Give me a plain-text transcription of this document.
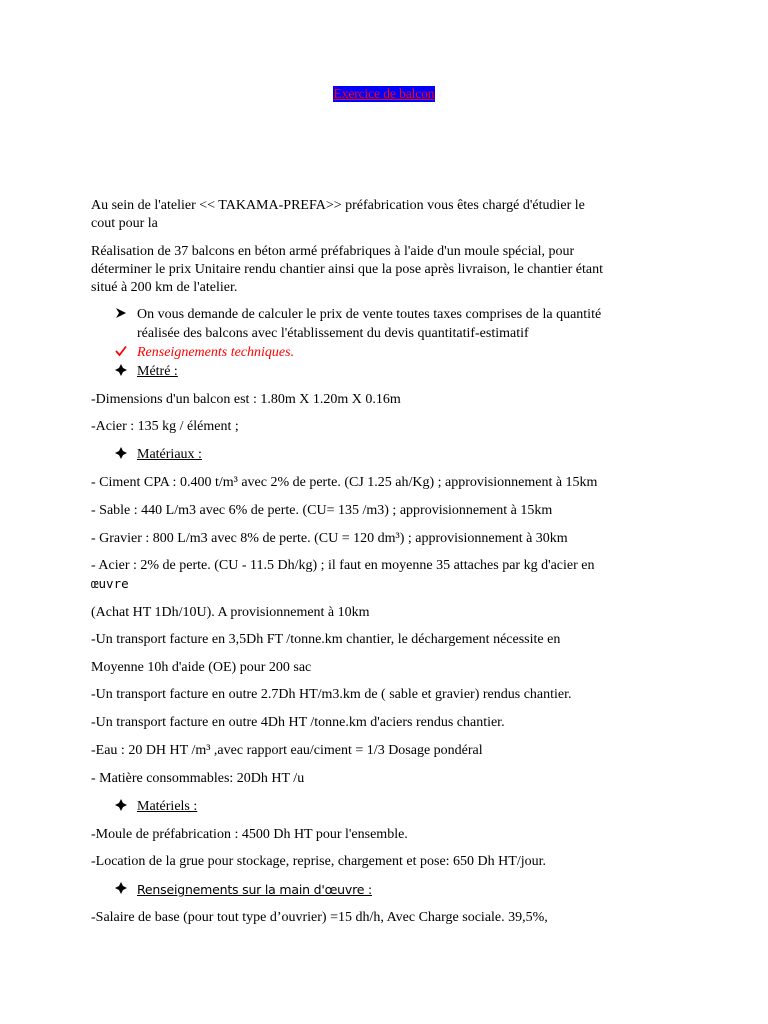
Exercice de balcon
Au sein de l'atelier << TAKAMA-PREFA>> préfabrication vous êtes chargé d'étudier le
cout pour la
Réalisation de 37 balcons en béton armé préfabriques à l'aide d'un moule spécial, pour
déterminer le prix Unitaire rendu chantier ainsi que la pose après livraison, le chantier étant
situé à 200 km de l'atelier.
On vous demande de calculer le prix de vente toutes taxes comprises de la quantité
réalisée des balcons avec l'établissement du devis quantitatif-estimatif
Renseignements techniques.
Métré :
-Dimensions d'un balcon est : 1.80m X 1.20m X 0.16m
-Acier : 135 kg / élément ;
Matériaux :
- Ciment CPA : 0.400 t/m³ avec 2% de perte. (CJ 1.25 ah/Kg) ; approvisionnement à 15km
- Sable : 440 L/m3 avec 6% de perte. (CU= 135 /m3) ; approvisionnement à 15km
- Gravier : 800 L/m3 avec 8% de perte. (CU = 120 dm³) ; approvisionnement à 30km
- Acier : 2% de perte. (CU - 11.5 Dh/kg) ; il faut en moyenne 35 attaches par kg d'acier en
œuvre
(Achat HT 1Dh/10U). A provisionnement à 10km
-Un transport facture en 3,5Dh FT /tonne.km chantier, le déchargement nécessite en
Moyenne 10h d'aide (OE) pour 200 sac
-Un transport facture en outre 2.7Dh HT/m3.km de ( sable et gravier) rendus chantier.
-Un transport facture en outre 4Dh HT /tonne.km d'aciers rendus chantier.
-Eau : 20 DH HT /m³ ,avec rapport eau/ciment = 1/3 Dosage pondéral
- Matière consommables: 20Dh HT /u
Matériels :
-Moule de préfabrication : 4500 Dh HT pour l'ensemble.
-Location de la grue pour stockage, reprise, chargement et pose: 650 Dh HT/jour.
Renseignements sur la main d'œuvre :
-Salaire de base (pour tout type d’ouvrier) =15 dh/h, Avec Charge sociale. 39,5%,
